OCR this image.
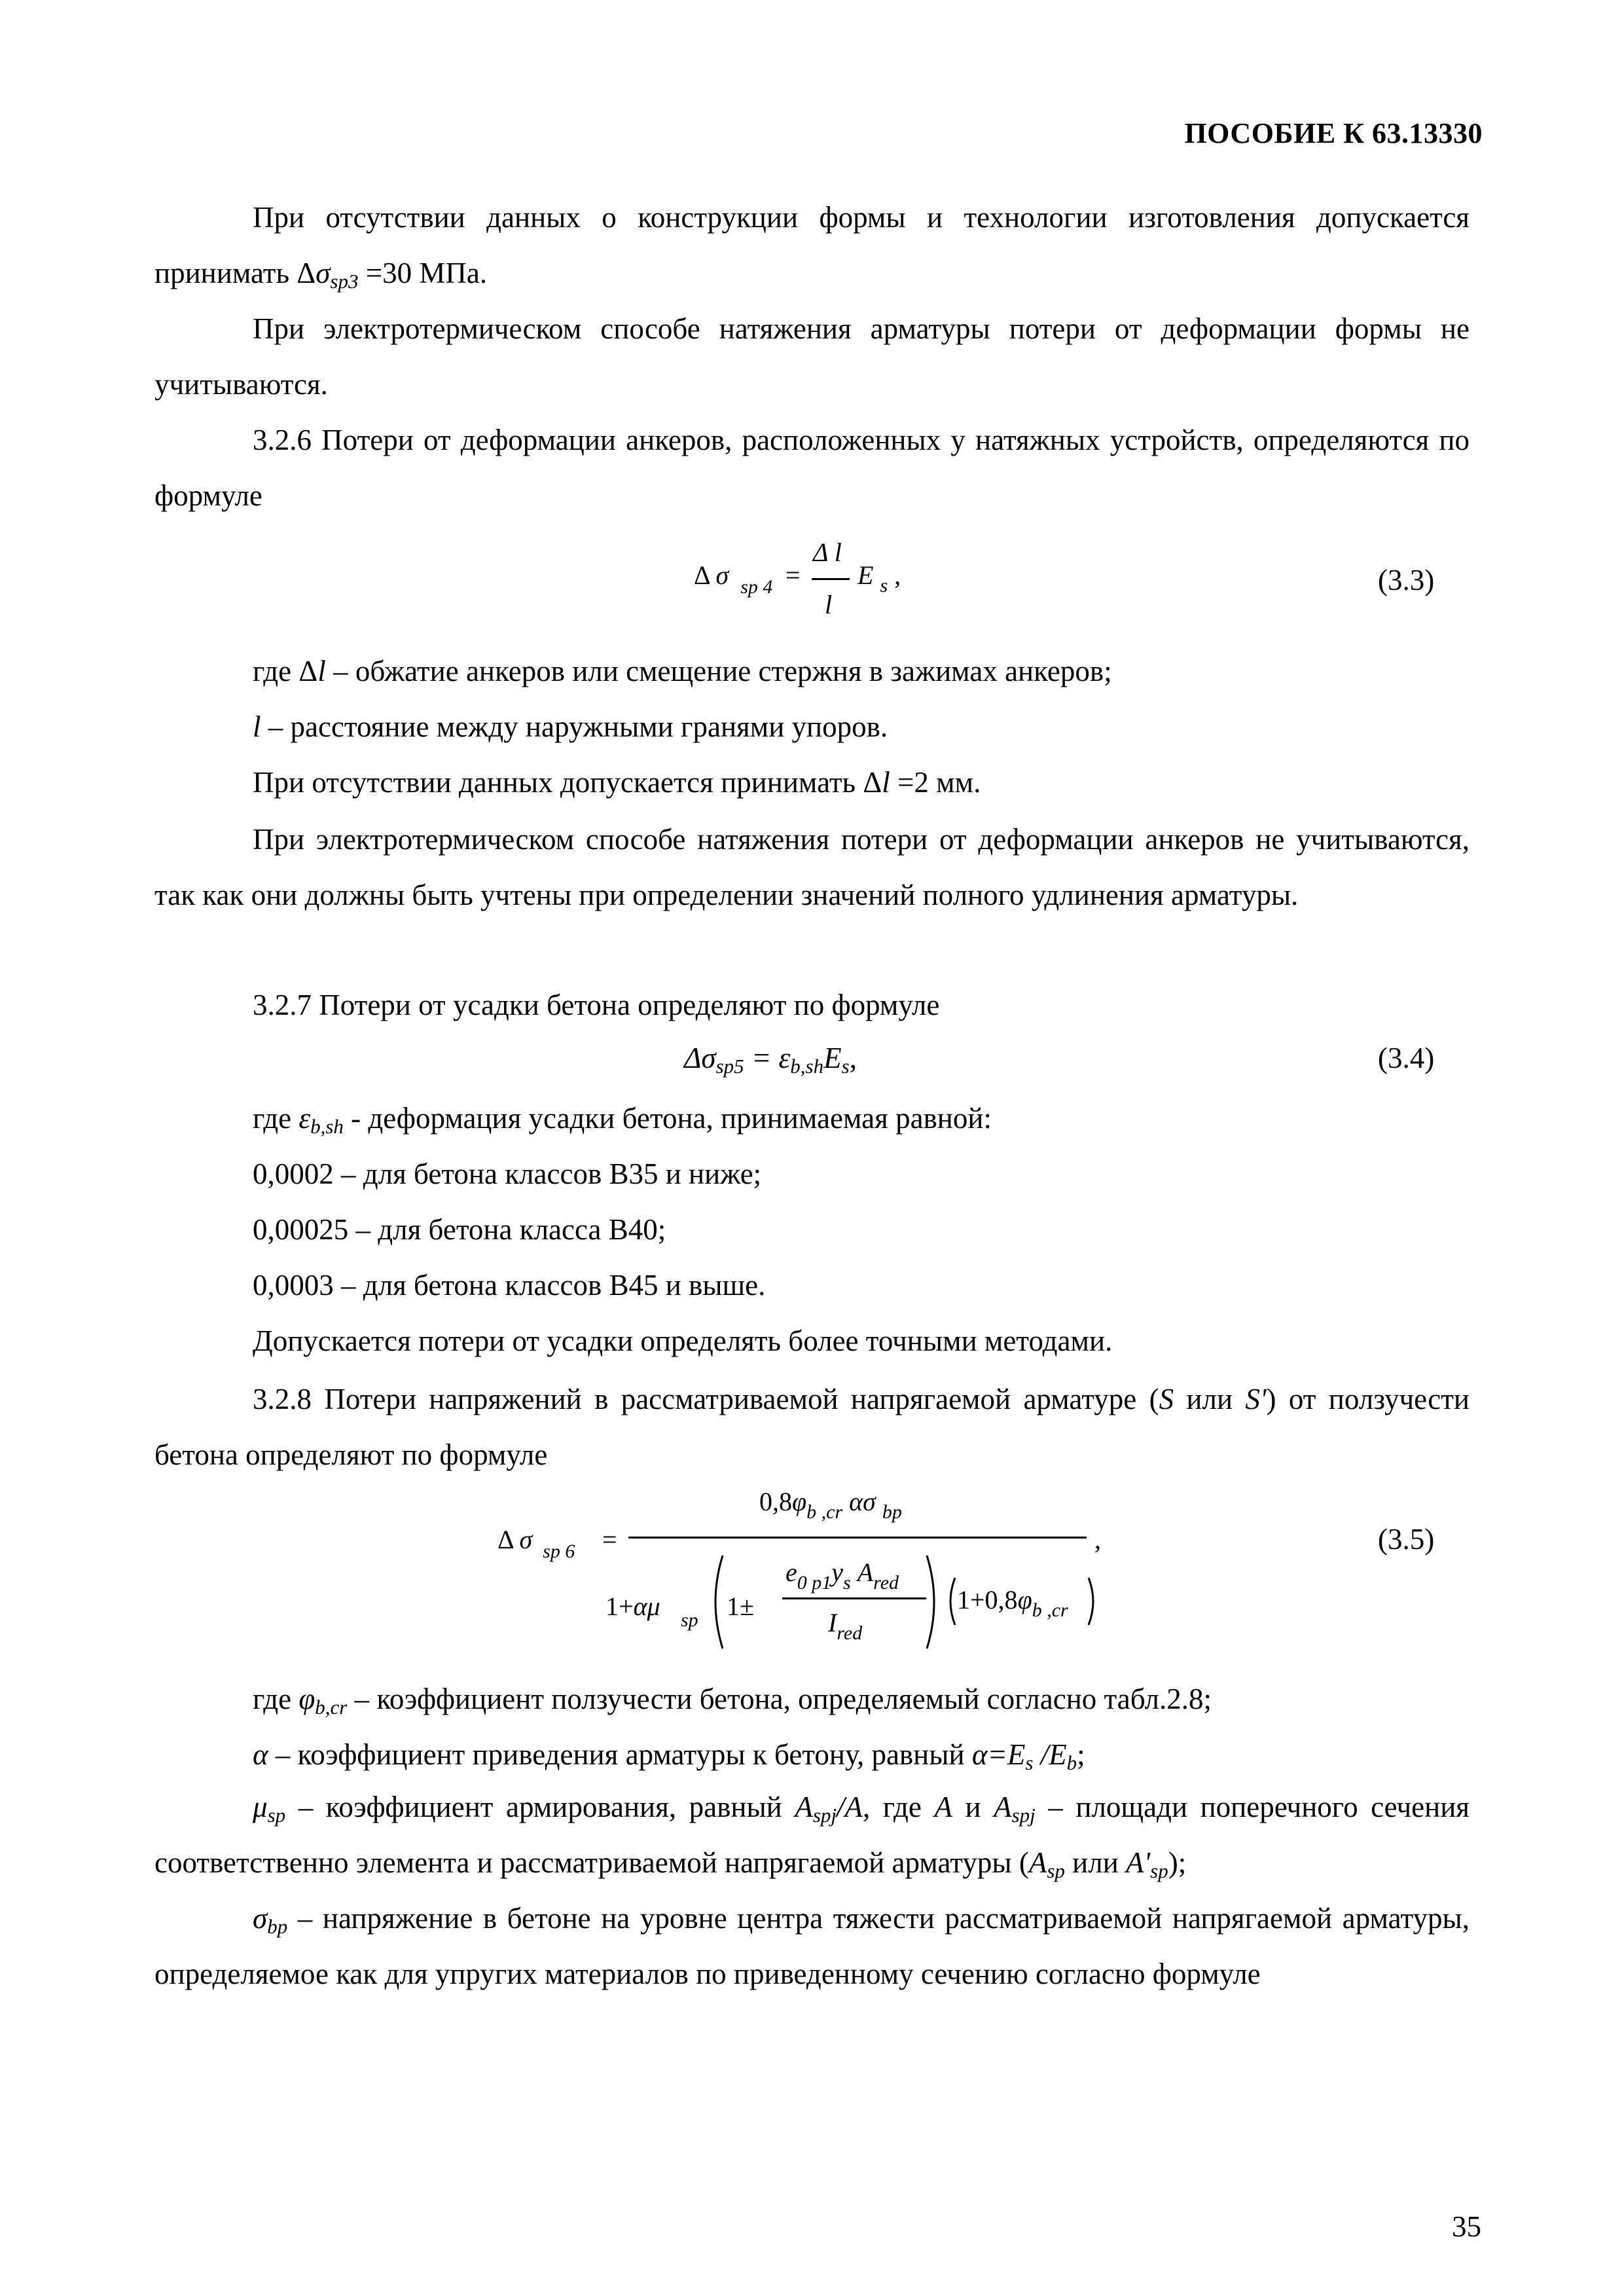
ПОСОБИЕ К 63.13330
При отсутствии данных о конструкции формы и технологии изготовления допускается принимать $\Delta\sigma_{sp3} =30$ МПа.
При электротермическом способе натяжения арматуры потери от деформации формы не учитываются.
3.2.6 Потери от деформации анкеров, расположенных у натяжных устройств, определяются по формуле
Δ σ $_{sp 4}$ =
Δ l
l
E $_s$ ,	(3.3)
где Δl – обжатие анкеров или смещение стержня в зажимах анкеров;
l – расстояние между наружными гранями упоров.
При отсутствии данных допускается принимать Δl =2 мм.
При электротермическом способе натяжения потери от деформации анкеров не учитываются, так как они должны быть учтены при определении значений полного удлинения арматуры.
3.2.7 Потери от усадки бетона определяют по формуле
$\Delta\sigma_{sp5} = \varepsilon_{b,sh}E_s$,	(3.4)
где $\varepsilon_{b,sh}$ - деформация усадки бетона, принимаемая равной:
0,0002 – для бетона классов В35 и ниже;
0,00025 – для бетона класса В40;
0,0003 – для бетона классов В45 и выше.
Допускается потери от усадки определять более точными методами.
3.2.8 Потери напряжений в рассматриваемой напрягаемой арматуре (S или S') от ползучести бетона определяют по формуле
Δ σ $_{sp 6}$ =
$0,8\varphi_{b ,cr}$ ασ $_{bp}$
,
1+αμ sp 1±
$e_{0 p1}y_s$ $A_{red}$
$I_{red}$
$1+0,8\varphi_{b ,cr}$
(3.5)
где $\varphi_{b,cr}$ – коэффициент ползучести бетона, определяемый согласно табл.2.8;
α – коэффициент приведения арматуры к бетону, равный $\alpha=E_s$ $/E_b$;
$\mu_{sp}$ – коэффициент армирования, равный $A_{spj}/A$, где A и $A_{spj}$ – площади поперечного сечения соответственно элемента и рассматриваемой напрягаемой арматуры ($A_{sp}$ или $A'_{sp}$);
$\sigma_{bp}$ – напряжение в бетоне на уровне центра тяжести рассматриваемой напрягаемой арматуры, определяемое как для упругих материалов по приведенному сечению согласно формуле
35
